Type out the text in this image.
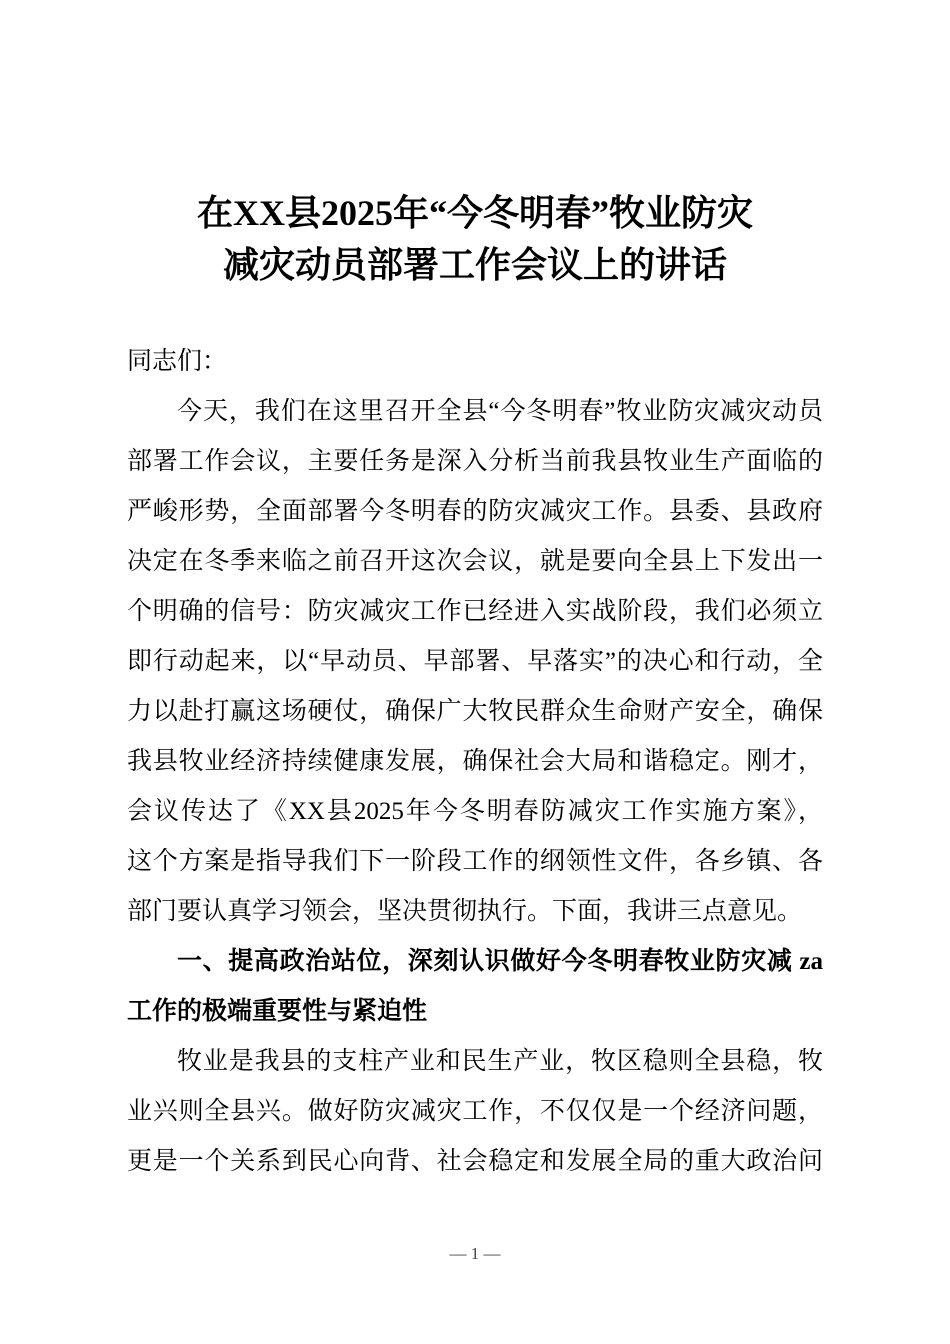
在XX县2025年“今冬明春”牧业防灾
减灾动员部署工作会议上的讲话
同志们：
今天，我们在这里召开全县“今冬明春”牧业防灾减灾动员
部署工作会议，主要任务是深入分析当前我县牧业生产面临的
严峻形势，全面部署今冬明春的防灾减灾工作。县委、县政府
决定在冬季来临之前召开这次会议，就是要向全县上下发出一
个明确的信号：防灾减灾工作已经进入实战阶段，我们必须立
即行动起来，以“早动员、早部署、早落实”的决心和行动，全
力以赴打赢这场硬仗，确保广大牧民群众生命财产安全，确保
我县牧业经济持续健康发展，确保社会大局和谐稳定。刚才，
会议传达了《XX县2025年今冬明春防减灾工作实施方案》，
这个方案是指导我们下一阶段工作的纲领性文件，各乡镇、各
部门要认真学习领会，坚决贯彻执行。下面，我讲三点意见。
一、提高政治站位，深刻认识做好今冬明春牧业防灾减 za
工作的极端重要性与紧迫性
牧业是我县的支柱产业和民生产业，牧区稳则全县稳，牧
业兴则全县兴。做好防灾减灾工作，不仅仅是一个经济问题，
更是一个关系到民心向背、社会稳定和发展全局的重大政治问
— 1 —
